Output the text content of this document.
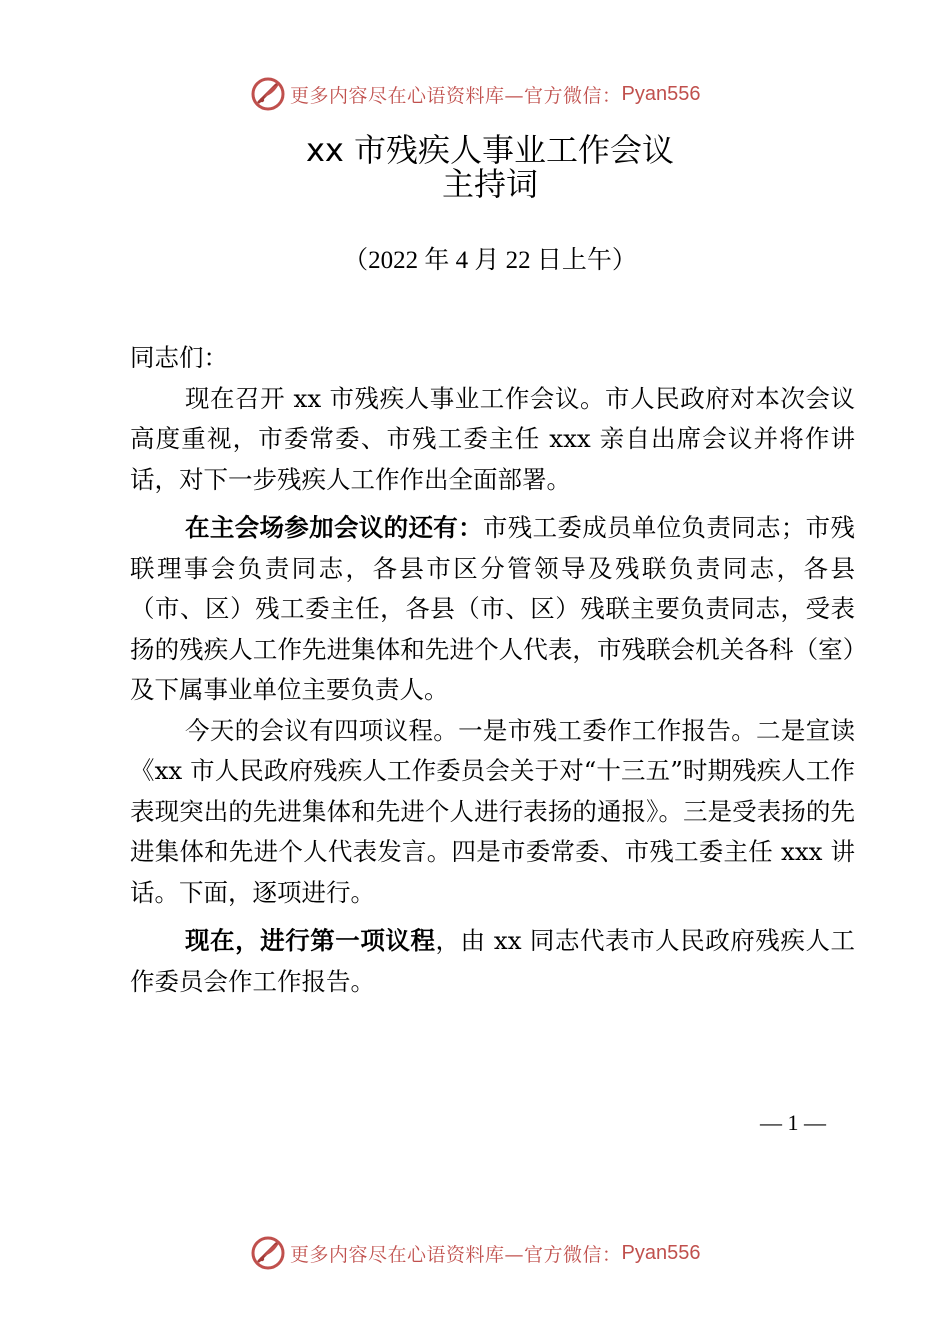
更多内容尽在心语资料库—官方微信： Pyan556
xx 市残疾人事业工作会议
主持词
（2022 年 4 月 22 日上午）

同志们：

现在召开 xx 市残疾人事业工作会议。市人民政府对本次会议高度重视，市委常委、市残工委主任 xxx 亲自出席会议并将作讲话，对下一步残疾人工作作出全面部署。

在主会场参加会议的还有：市残工委成员单位负责同志；市残联理事会负责同志，各县市区分管领导及残联负责同志，各县（市、区）残工委主任，各县（市、区）残联主要负责同志，受表扬的残疾人工作先进集体和先进个人代表，市残联会机关各科（室）及下属事业单位主要负责人。

今天的会议有四项议程。一是市残工委作工作报告。二是宣读《xx 市人民政府残疾人工作委员会关于对“十三五”时期残疾人工作表现突出的先进集体和先进个人进行表扬的通报》。三是受表扬的先进集体和先进个人代表发言。四是市委常委、市残工委主任 xxx 讲话。下面，逐项进行。

现在，进行第一项议程，由 xx 同志代表市人民政府残疾人工作委员会作工作报告。

— 1 —
更多内容尽在心语资料库—官方微信： Pyan556
